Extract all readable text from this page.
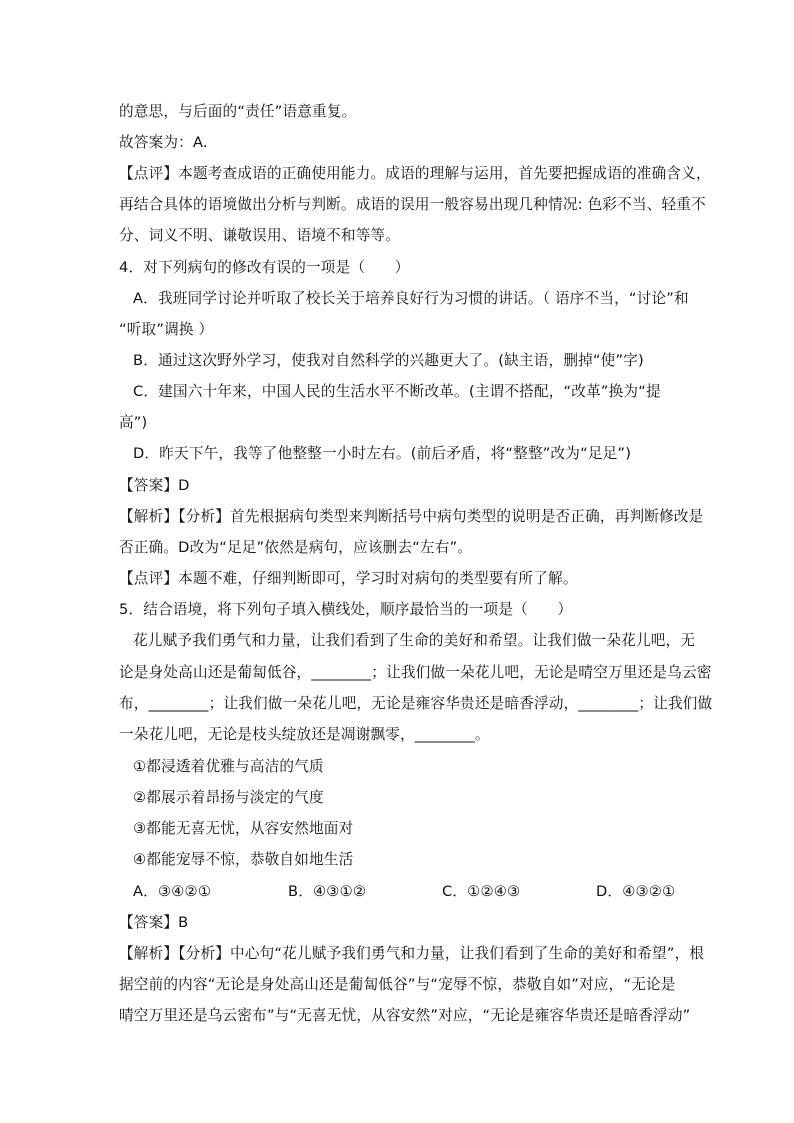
的意思，与后面的“责任”语意重复。
故答案为：A.
【点评】本题考查成语的正确使用能力。成语的理解与运用，首先要把握成语的准确含义，
再结合具体的语境做出分析与判断。成语的误用一般容易出现几种情况: 色彩不当、轻重不
分、词义不明、谦敬误用、语境不和等等。
4．对下列病句的修改有误的一项是（　　）
A．我班同学讨论并听取了校长关于培养良好行为习惯的讲话。（ 语序不当，“讨论”和
“听取”调换 ）
B．通过这次野外学习，使我对自然科学的兴趣更大了。(缺主语，删掉“使”字)
C．建国六十年来，中国人民的生活水平不断改革。(主谓不搭配，“改革”换为“提
高”)
D．昨天下午，我等了他整整一小时左右。(前后矛盾，将“整整”改为“足足”)
【答案】D
【解析】【分析】首先根据病句类型来判断括号中病句类型的说明是否正确，再判断修改是
否正确。D改为“足足”依然是病句，应该删去“左右”。
【点评】本题不难，仔细判断即可，学习时对病句的类型要有所了解。
5．结合语境，将下列句子填入横线处，顺序最恰当的一项是（　　）
花儿赋予我们勇气和力量，让我们看到了生命的美好和希望。让我们做一朵花儿吧，无
论是身处高山还是葡匐低谷，________；让我们做一朵花儿吧，无论是晴空万里还是乌云密
布，________；让我们做一朵花儿吧，无论是雍容华贵还是暗香浮动，________；让我们做
一朵花儿吧，无论是枝头绽放还是凋谢飘零，________。
①都浸透着优雅与高洁的气质
②都展示着昂扬与淡定的气度
③都能无喜无忧，从容安然地面对
④都能宠辱不惊，恭敬自如地生活
A．③④②①	B．④③①②	C．①②④③	D．④③②①
【答案】B
【解析】【分析】中心句“花儿赋予我们勇气和力量，让我们看到了生命的美好和希望”，根
据空前的内容“无论是身处高山还是葡匐低谷”与“宠辱不惊，恭敬自如”对应，“无论是
晴空万里还是乌云密布”与“无喜无忧，从容安然”对应，“无论是雍容华贵还是暗香浮动”
